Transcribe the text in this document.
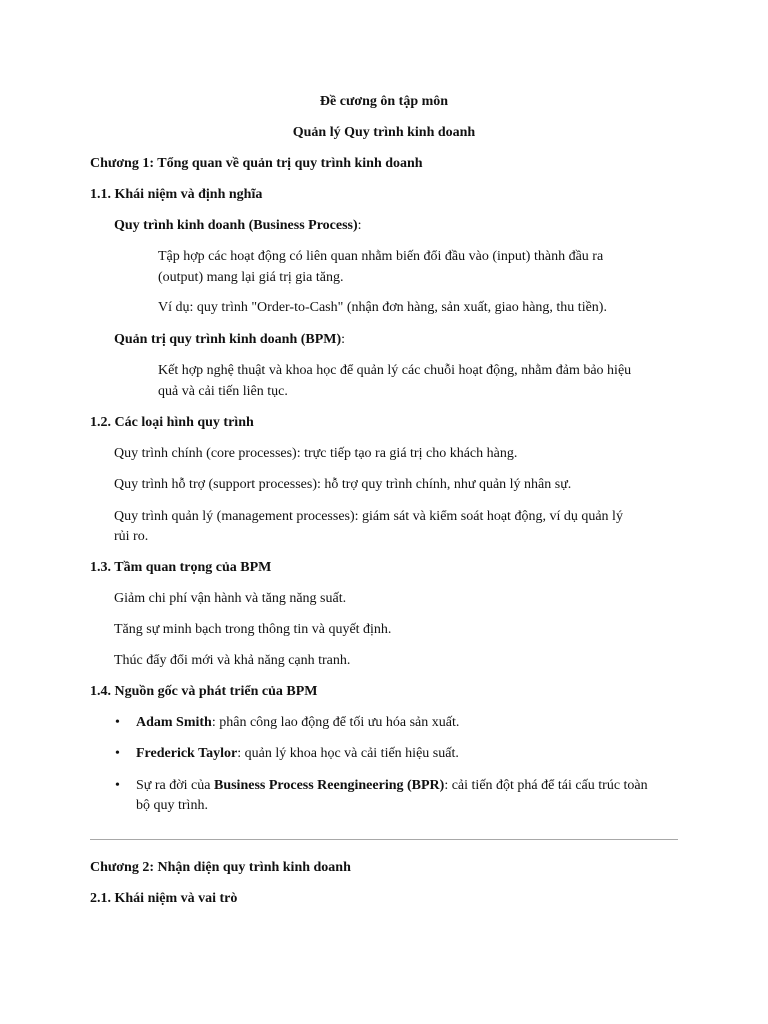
Đề cương ôn tập môn
Quản lý Quy trình kinh doanh
Chương 1: Tổng quan về quản trị quy trình kinh doanh
1.1. Khái niệm và định nghĩa
Quy trình kinh doanh (Business Process):
Tập hợp các hoạt động có liên quan nhằm biến đổi đầu vào (input) thành đầu ra
(output) mang lại giá trị gia tăng.
Ví dụ: quy trình "Order-to-Cash" (nhận đơn hàng, sản xuất, giao hàng, thu tiền).
Quản trị quy trình kinh doanh (BPM):
Kết hợp nghệ thuật và khoa học để quản lý các chuỗi hoạt động, nhằm đảm bảo hiệu
quả và cải tiến liên tục.
1.2. Các loại hình quy trình
Quy trình chính (core processes): trực tiếp tạo ra giá trị cho khách hàng.
Quy trình hỗ trợ (support processes): hỗ trợ quy trình chính, như quản lý nhân sự.
Quy trình quản lý (management processes): giám sát và kiểm soát hoạt động, ví dụ quản lý
rủi ro.
1.3. Tầm quan trọng của BPM
Giảm chi phí vận hành và tăng năng suất.
Tăng sự minh bạch trong thông tin và quyết định.
Thúc đẩy đổi mới và khả năng cạnh tranh.
1.4. Nguồn gốc và phát triển của BPM
• Adam Smith: phân công lao động để tối ưu hóa sản xuất.
• Frederick Taylor: quản lý khoa học và cải tiến hiệu suất.
• Sự ra đời của Business Process Reengineering (BPR): cải tiến đột phá để tái cấu trúc toàn
bộ quy trình.
Chương 2: Nhận diện quy trình kinh doanh
2.1. Khái niệm và vai trò
